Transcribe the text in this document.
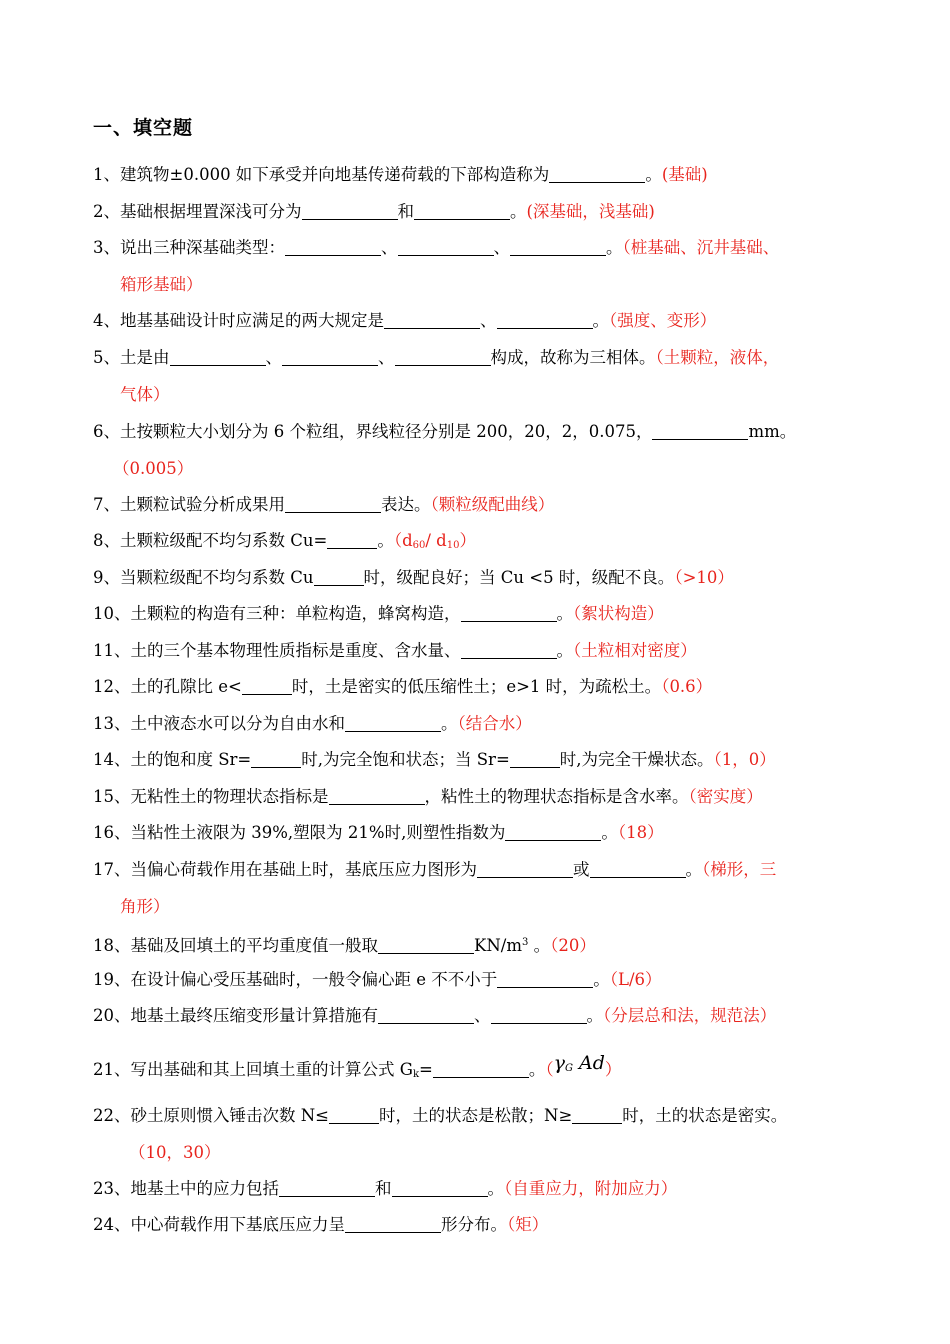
一、填空题
1、建筑物±0.000 如下承受并向地基传递荷载的下部构造称为	。(基础)
2、基础根据埋置深浅可分为	和	。(深基础，浅基础)
3、说出三种深基础类型：	、	、	。（桩基础、沉井基础、
箱形基础）
4、地基基础设计时应满足的两大规定是	、	。（强度、变形）
5、土是由	、	、	构成，故称为三相体。（土颗粒，液体，
气体）
6、土按颗粒大小划分为 6 个粒组，界线粒径分别是 200，20，2，0.075，	mm。
（0.005）
7、土颗粒试验分析成果用	表达。（颗粒级配曲线）
8、土颗粒级配不均匀系数 Cu=	。（$d_{60}/$ $d_{10}$）
9、当颗粒级配不均匀系数 Cu	时，级配良好；当 Cu <5 时，级配不良。（>10）
10、土颗粒的构造有三种：单粒构造，蜂窝构造，	。（絮状构造）
11、土的三个基本物理性质指标是重度、含水量、	。（土粒相对密度）
12、土的孔隙比 e<	时，土是密实的低压缩性土；e>1 时，为疏松土。（0.6）
13、土中液态水可以分为自由水和	。（结合水）
14、土的饱和度 Sr=	时,为完全饱和状态；当 Sr=	时,为完全干燥状态。（1，0）
15、无粘性土的物理状态指标是	，粘性土的物理状态指标是含水率。（密实度）
16、当粘性土液限为 39%,塑限为 21%时,则塑性指数为	。（18）
17、当偏心荷载作用在基础上时，基底压应力图形为	或	。（梯形，三
角形）
18、基础及回填土的平均重度值一般取	$KN/m^3$ 。（20）
19、在设计偏心受压基础时，一般令偏心距 e 不不小于	。（L/6）
20、地基土最终压缩变形量计算措施有	、	。（分层总和法，规范法）
21、写出基础和其上回填土重的计算公式 $G_k=$	。（$\gamma_G$ Ad）
22、砂土原则惯入锤击次数 N≤	时，土的状态是松散；N≥	时，土的状态是密实。
（10，30）
23、地基土中的应力包括	和	。（自重应力，附加应力）
24、中心荷载作用下基底压应力呈	形分布。（矩）
